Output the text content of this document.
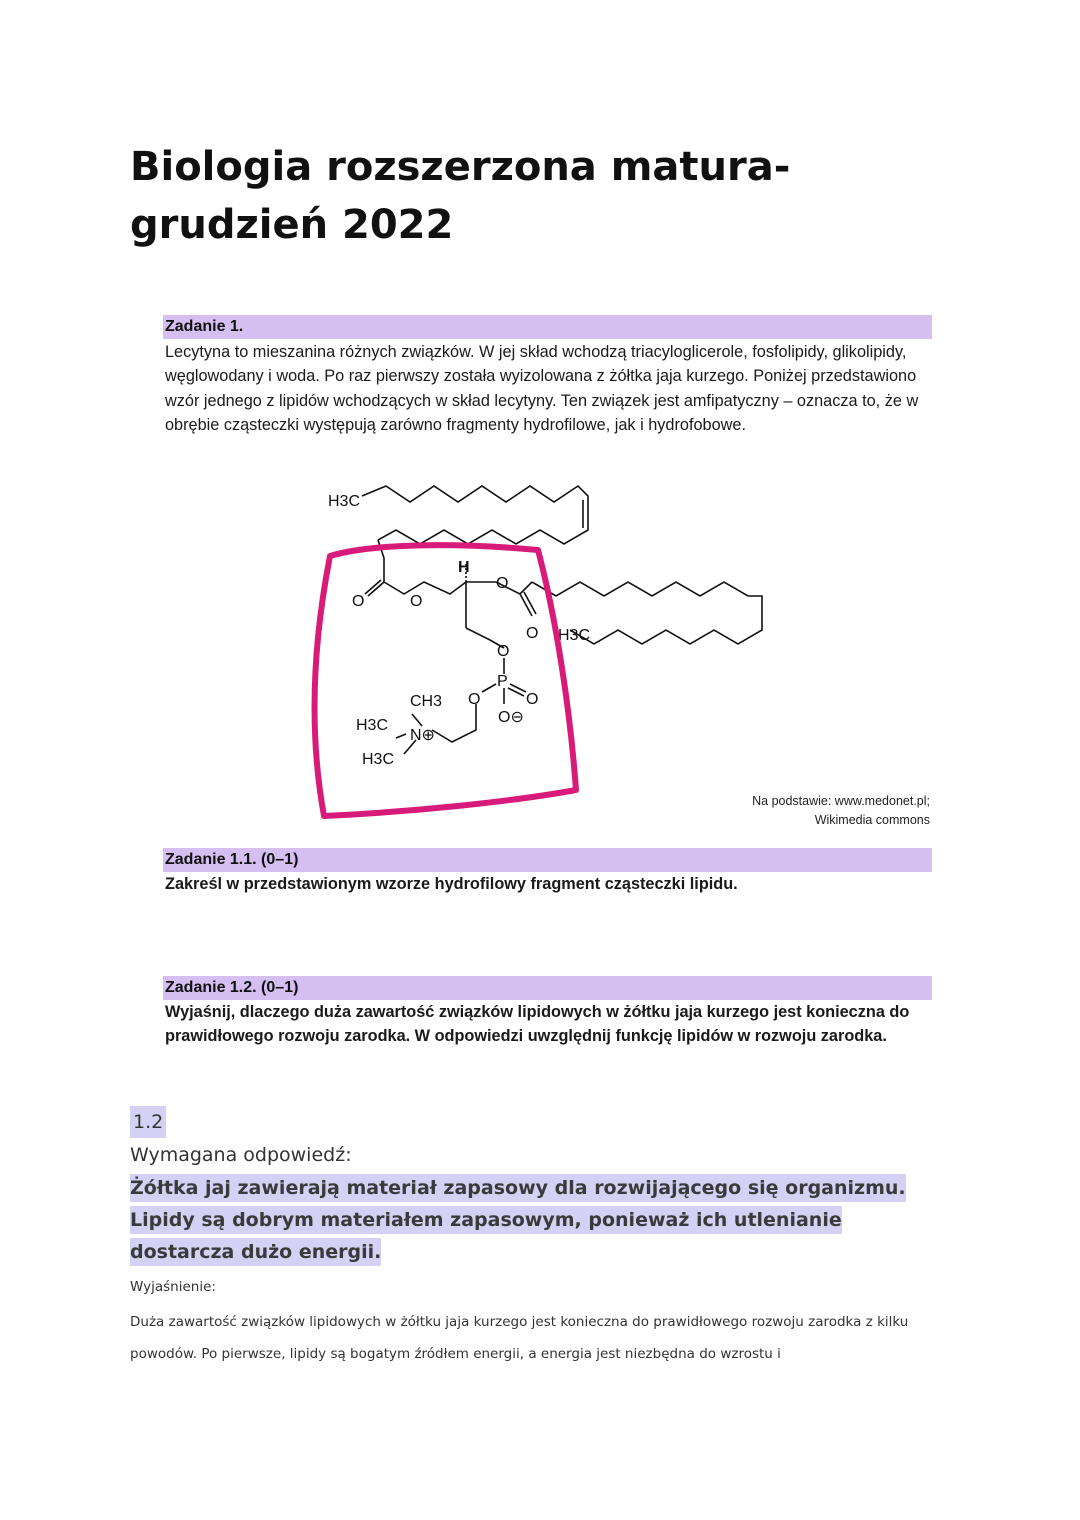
Biologia rozszerzona matura- grudzień 2022
Zadanie 1.

Lecytyna to mieszanina różnych związków. W jej skład wchodzą triacyloglicerole, fosfolipidy, glikolipidy, węglowodany i woda. Po raz pierwszy została wyizolowana z żółtka jaja kurzego. Poniżej przedstawiono wzór jednego z lipidów wchodzących w skład lecytyny. Ten związek jest amfipatyczny – oznacza to, że w obrębie cząsteczki występują zarówno fragmenty hydrofilowe, jak i hydrofobowe.

H3C
H
O	O
O
O H3C
O
P
O
O
O⊖
CH3
H3C
N⊕
H3C
Na podstawie: www.medonet.pl;
Wikimedia commons
Zadanie 1.1. (0–1)

Zakreśl w przedstawionym wzorze hydrofilowy fragment cząsteczki lipidu.

Zadanie 1.2. (0–1)

Wyjaśnij, dlaczego duża zawartość związków lipidowych w żółtku jaja kurzego jest konieczna do prawidłowego rozwoju zarodka. W odpowiedzi uwzględnij funkcję lipidów w rozwoju zarodka.

1.2
Wymagana odpowiedź:

Żółtka jaj zawierają materiał zapasowy dla rozwijającego się organizmu. Lipidy są dobrym materiałem zapasowym, ponieważ ich utlenianie dostarcza dużo energii.

Wyjaśnienie:

Duża zawartość związków lipidowych w żółtku jaja kurzego jest konieczna do prawidłowego rozwoju zarodka z kilku powodów. Po pierwsze, lipidy są bogatym źródłem energii, a energia jest niezbędna do wzrostu i
